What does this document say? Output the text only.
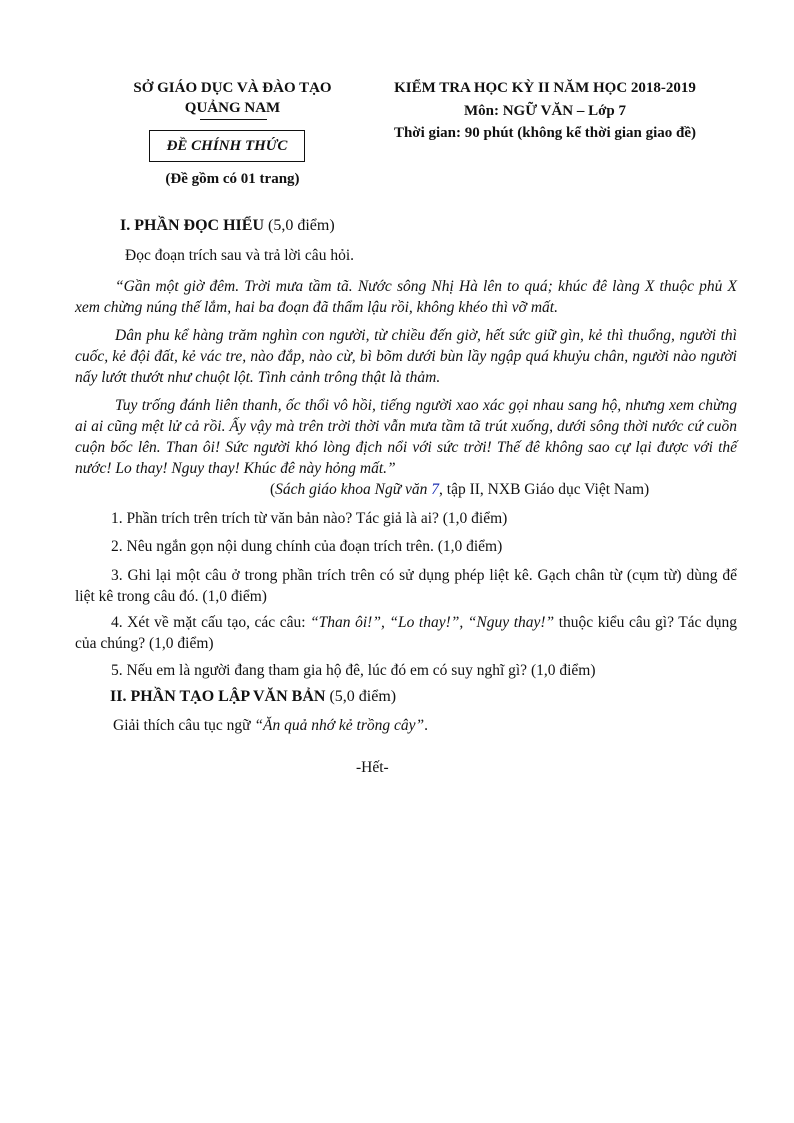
SỞ GIÁO DỤC VÀ ĐÀO TẠO
QUẢNG NAM
ĐỀ CHÍNH THỨC
(Đề gồm có 01 trang)
KIỂM TRA HỌC KỲ II NĂM HỌC 2018-2019
Môn: NGỮ VĂN – Lớp 7
Thời gian: 90 phút (không kể thời gian giao đề)
I. PHẦN ĐỌC HIỂU (5,0 điểm)
Đọc đoạn trích sau và trả lời câu hỏi.
“Gần một giờ đêm. Trời mưa tầm tã. Nước sông Nhị Hà lên to quá; khúc đê làng X thuộc phủ X xem chừng núng thế lắm, hai ba đoạn đã thẩm lậu rồi, không khéo thì vỡ mất.
Dân phu kể hàng trăm nghìn con người, từ chiều đến giờ, hết sức giữ gìn, kẻ thì thuổng, người thì cuốc, kẻ đội đất, kẻ vác tre, nào đắp, nào cừ, bì bõm dưới bùn lầy ngập quá khuỷu chân, người nào người nấy lướt thướt như chuột lột. Tình cảnh trông thật là thảm.
Tuy trống đánh liên thanh, ốc thổi vô hồi, tiếng người xao xác gọi nhau sang hộ, nhưng xem chừng ai ai cũng mệt lử cả rồi. Ấy vậy mà trên trời thời vẫn mưa tầm tã trút xuống, dưới sông thời nước cứ cuồn cuộn bốc lên. Than ôi! Sức người khó lòng địch nổi với sức trời! Thế đê không sao cự lại được với thế nước! Lo thay! Nguy thay! Khúc đê này hỏng mất.”
(Sách giáo khoa Ngữ văn 7, tập II, NXB Giáo dục Việt Nam)
1. Phần trích trên trích từ văn bản nào? Tác giả là ai? (1,0 điểm)
2. Nêu ngắn gọn nội dung chính của đoạn trích trên. (1,0 điểm)
3. Ghi lại một câu ở trong phần trích trên có sử dụng phép liệt kê. Gạch chân từ (cụm từ) dùng để liệt kê trong câu đó. (1,0 điểm)
4. Xét về mặt cấu tạo, các câu: “Than ôi!”, “Lo thay!”, “Nguy thay!” thuộc kiểu câu gì? Tác dụng của chúng? (1,0 điểm)
5. Nếu em là người đang tham gia hộ đê, lúc đó em có suy nghĩ gì? (1,0 điểm)
II. PHẦN TẠO LẬP VĂN BẢN (5,0 điểm)
Giải thích câu tục ngữ “Ăn quả nhớ kẻ trồng cây”.
-Hết-
